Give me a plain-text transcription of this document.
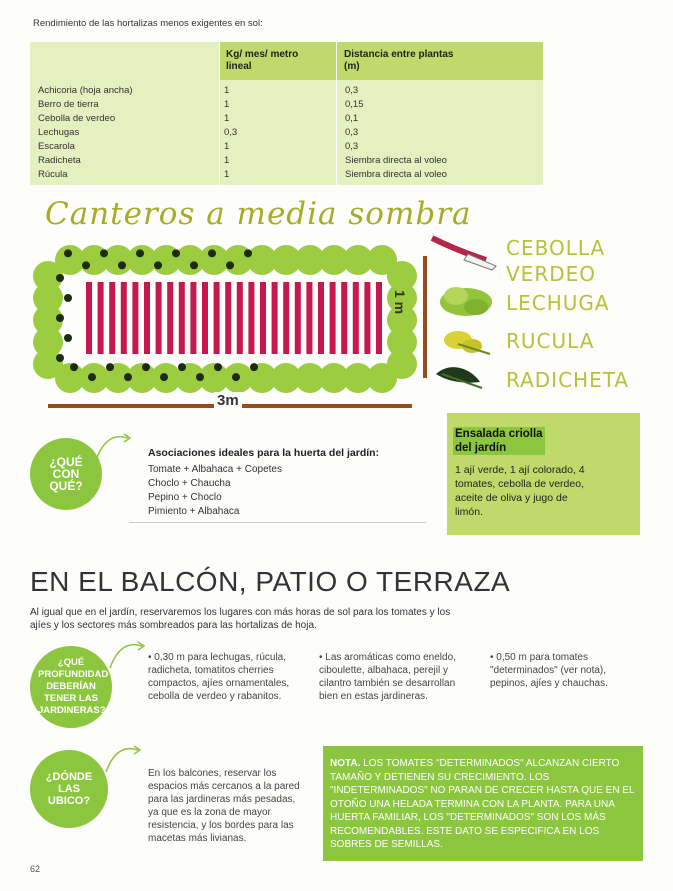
Rendimiento de las hortalizas menos exigentes en sol:
Kg/ mes/ metro lineal
Distancia entre plantas (m)
Achicoria (hoja ancha)	1	0,3
Berro de tierra	1	0,15
Cebolla de verdeo	1	0,1
Lechugas	0,3	0,3
Escarola	1	0,3
Radicheta	1	Siembra directa al voleo
Rúcula	1	Siembra directa al voleo
Canteros a media sombra
3m
1 m
CEBOLLA
VERDEO
LECHUGA
RUCULA
RADICHETA
¿QUÉ CON QUÉ?
Asociaciones ideales para la huerta del jardín:
Tomate + Albahaca + Copetes
Choclo + Chaucha
Pepino + Choclo
Pimiento + Albahaca
Ensalada criolla
del jardín
1 ají verde, 1 ají colorado, 4 tomates, cebolla de verdeo, aceite de oliva y jugo de limón.
EN EL BALCÓN, PATIO O TERRAZA
Al igual que en el jardín, reservaremos los lugares con más horas de sol para los tomates y los ajíes y los sectores más sombreados para las hortalizas de hoja.
¿QUÉ PROFUNDIDAD DEBERÍAN TENER LAS JARDINERAS?
• 0,30 m para lechugas, rúcula, radicheta, tomatitos cherries compactos, ajíes ornamentales, cebolla de verdeo y rabanitos.
• Las aromáticas como eneldo, ciboulette, albahaca, perejil y cilantro también se desarrollan bien en estas jardineras.
• 0,50 m para tomates "determinados" (ver nota), pepinos, ajíes y chauchas.
¿DÓNDE LAS UBICO?
En los balcones, reservar los espacios más cercanos a la pared para las jardineras más pesadas, ya que es la zona de mayor resistencia, y los bordes para las macetas más livianas.
NOTA. LOS TOMATES "DETERMINADOS" ALCANZAN CIERTO TAMAÑO Y DETIENEN SU CRECIMIENTO. LOS "INDETERMINADOS" NO PARAN DE CRECER HASTA QUE EN EL OTOÑO UNA HELADA TERMINA CON LA PLANTA. PARA UNA HUERTA FAMILIAR, LOS "DETERMINADOS" SON LOS MÁS RECOMENDABLES. ESTE DATO SE ESPECIFICA EN LOS SOBRES DE SEMILLAS.
62
